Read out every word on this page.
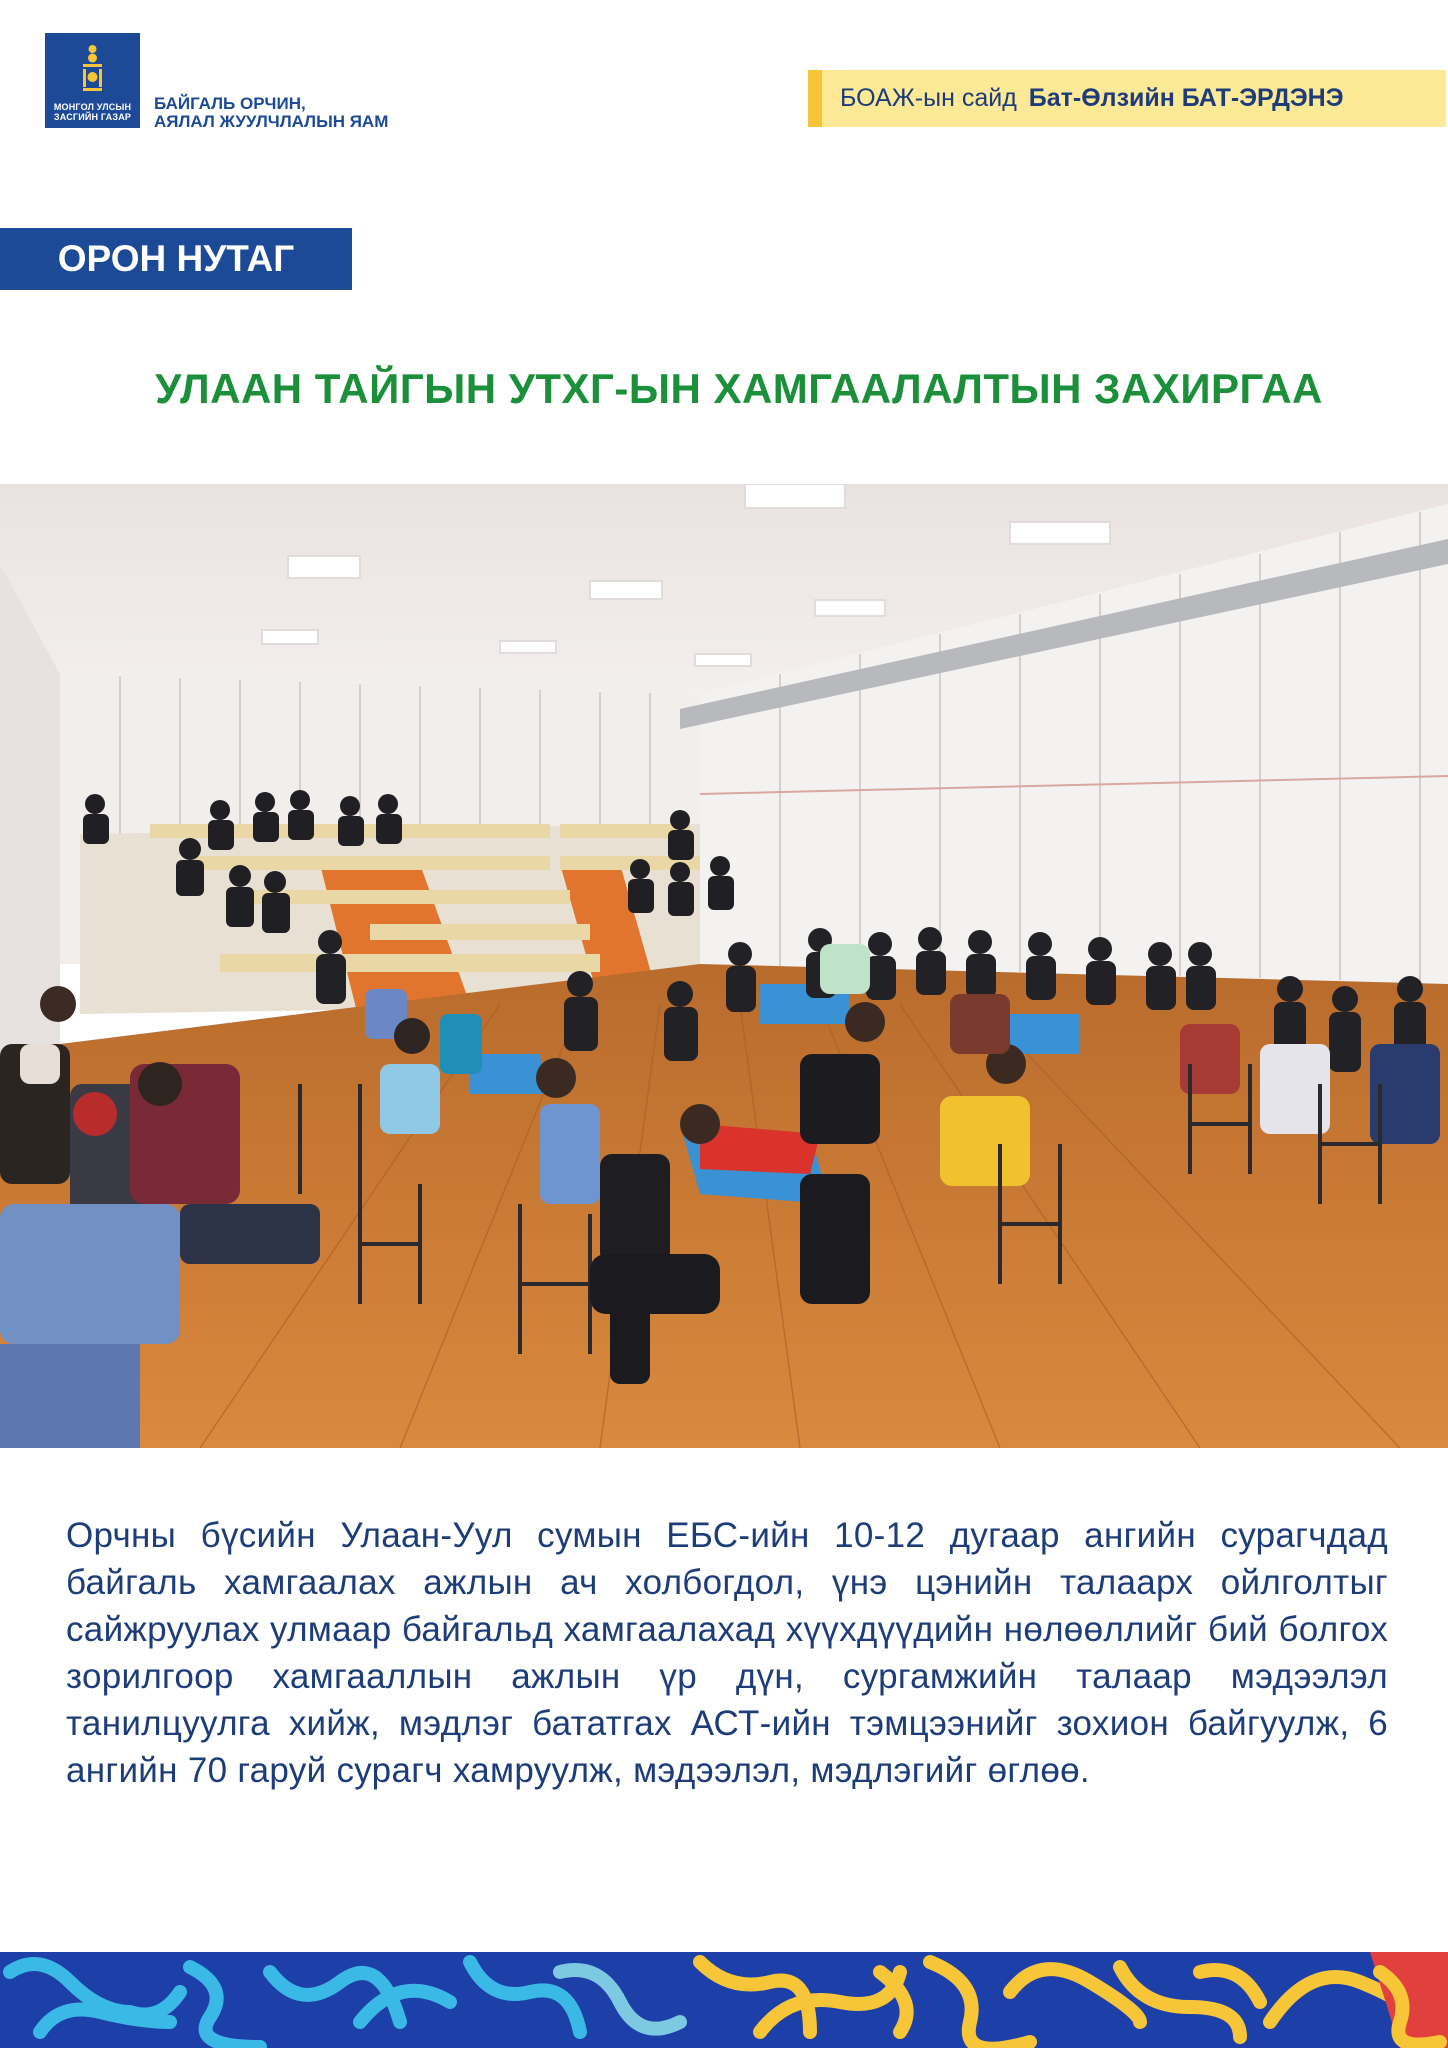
МОНГОЛ УЛСЫН
ЗАСГИЙН ГАЗАР
БАЙГАЛЬ ОРЧИН,
АЯЛАЛ ЖУУЛЧЛАЛЫН ЯАМ
БОАЖ-ын сайд Бат-Өлзийн БАТ-ЭРДЭНЭ
ОРОН НУТАГ
УЛААН ТАЙГЫН УТХГ-ЫН ХАМГААЛАЛТЫН ЗАХИРГАА
Орчны бүсийн Улаан-Уул сумын ЕБС-ийн 10-12 дугаар ангийн сурагчдад байгаль хамгаалах ажлын ач холбогдол, үнэ цэнийн талаарх ойлголтыг сайжруулах улмаар байгальд хамгаалахад хүүхдүүдийн нөлөөллийг бий болгох зорилгоор хамгааллын ажлын үр дүн, сургамжийн талаар мэдээлэл танилцуулга хийж, мэдлэг бататгах АСТ-ийн тэмцээнийг зохион байгуулж, 6 ангийн 70 гаруй сурагч хамруулж, мэдээлэл, мэдлэгийг өглөө.
